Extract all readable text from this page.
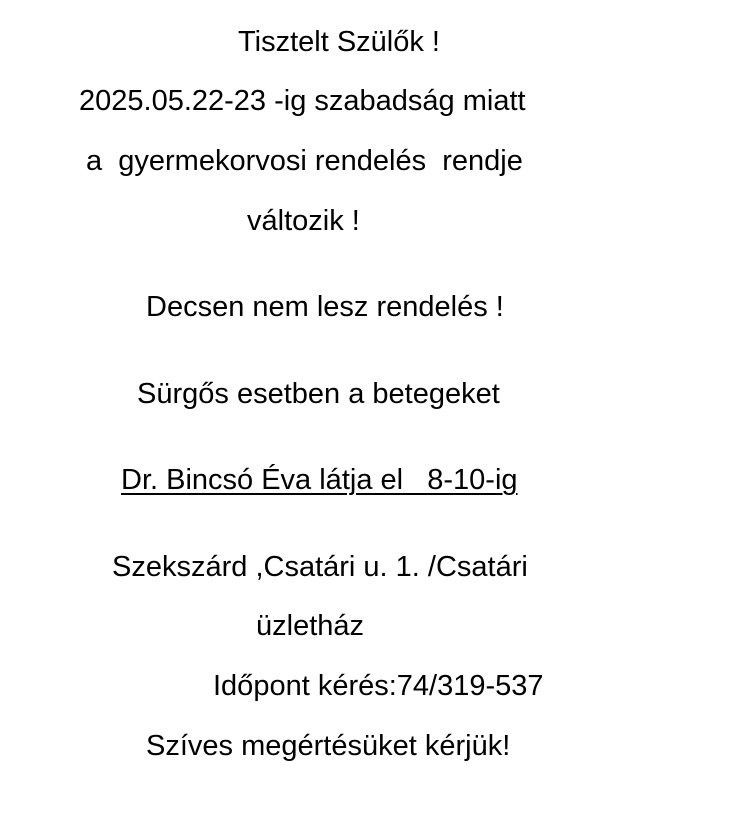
Tisztelt Szülők !

2025.05.22-23 -ig szabadság miatt

a  gyermekorvosi rendelés  rendje

változik !

Decsen nem lesz rendelés !

Sürgős esetben a betegeket

Dr. Bincsó Éva látja el   8-10-ig

Szekszárd ,Csatári u. 1. /Csatári

üzletház

Időpont kérés:74/319-537

Szíves megértésüket kérjük!
